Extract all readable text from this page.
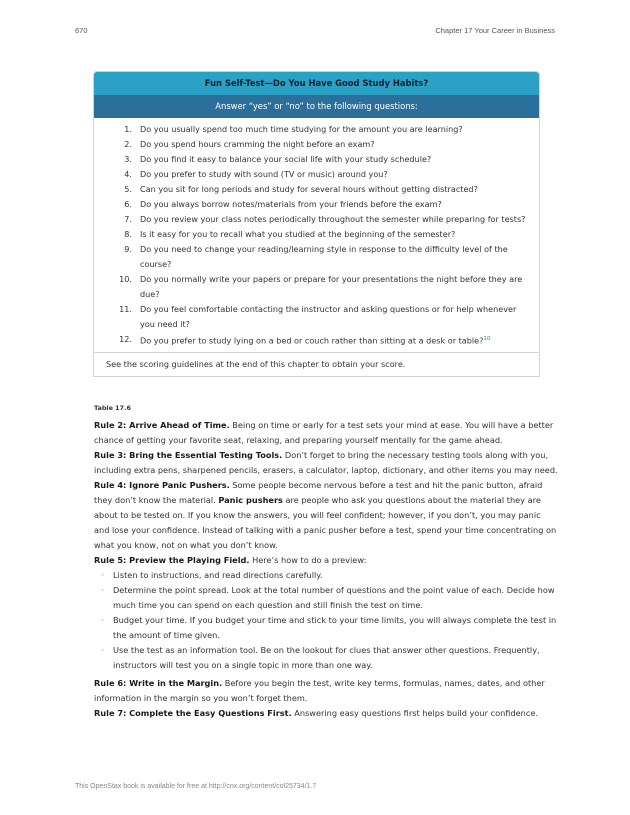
670	Chapter 17 Your Career in Business
Fun Self-Test—Do You Have Good Study Habits?
Answer “yes” or “no” to the following questions:
1. Do you usually spend too much time studying for the amount you are learning?
2. Do you spend hours cramming the night before an exam?
3. Do you find it easy to balance your social life with your study schedule?
4. Do you prefer to study with sound (TV or music) around you?
5. Can you sit for long periods and study for several hours without getting distracted?
6. Do you always borrow notes/materials from your friends before the exam?
7. Do you review your class notes periodically throughout the semester while preparing for tests?
8. Is it easy for you to recall what you studied at the beginning of the semester?
9. Do you need to change your reading/learning style in response to the difficulty level of the course?
10. Do you normally write your papers or prepare for your presentations the night before they are due?
11. Do you feel comfortable contacting the instructor and asking questions or for help whenever you need it?
12. Do you prefer to study lying on a bed or couch rather than sitting at a desk or table?$^{10}$
See the scoring guidelines at the end of this chapter to obtain your score.
Table 17.6

Rule 2: Arrive Ahead of Time. Being on time or early for a test sets your mind at ease. You will have a better chance of getting your favorite seat, relaxing, and preparing yourself mentally for the game ahead.

Rule 3: Bring the Essential Testing Tools. Don’t forget to bring the necessary testing tools along with you, including extra pens, sharpened pencils, erasers, a calculator, laptop, dictionary, and other items you may need.

Rule 4: Ignore Panic Pushers. Some people become nervous before a test and hit the panic button, afraid they don’t know the material. Panic pushers are people who ask you questions about the material they are about to be tested on. If you know the answers, you will feel confident; however, if you don’t, you may panic and lose your confidence. Instead of talking with a panic pusher before a test, spend your time concentrating on what you know, not on what you don’t know.

Rule 5: Preview the Playing Field. Here’s how to do a preview:

◦ Listen to instructions, and read directions carefully.
◦ Determine the point spread. Look at the total number of questions and the point value of each. Decide how much time you can spend on each question and still finish the test on time.
◦ Budget your time. If you budget your time and stick to your time limits, you will always complete the test in the amount of time given.
◦ Use the test as an information tool. Be on the lookout for clues that answer other questions. Frequently, instructors will test you on a single topic in more than one way.

Rule 6: Write in the Margin. Before you begin the test, write key terms, formulas, names, dates, and other information in the margin so you won’t forget them.

Rule 7: Complete the Easy Questions First. Answering easy questions first helps build your confidence.

This OpenStax book is available for free at http://cnx.org/content/col25734/1.7
